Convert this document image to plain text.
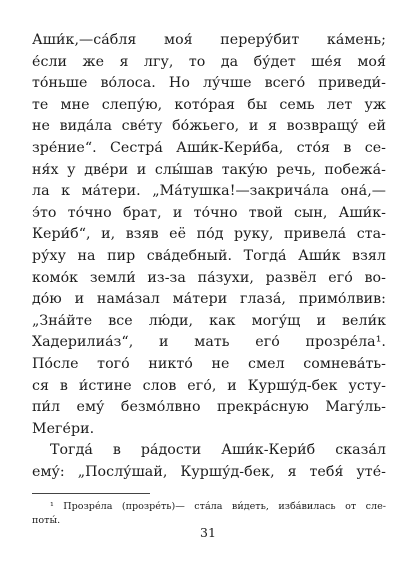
Аши́к,—са́бля моя́ переру́бит ка́мень;
е́сли же я лгу, то да бу́дет ше́я моя́
то́ньше во́лоса. Но лу́чше всего́ приведи́-
те мне слепу́ю, кото́рая бы семь лет уж
не вида́ла све́ту бо́жьего, и я возвращу́ ей
зре́ние“. Сестра́ Аши́к-Кери́ба, сто́я в се-
ня́х у две́ри и слы́шав таку́ю речь, побежа́-
ла к ма́тери. „Ма́тушка!—закрича́ла она́,—
э́то то́чно брат, и то́чно твой сын, Аши́к-
Кери́б“, и, взяв её по́д руку, привела́ ста-
ру́ху на пир сва́дебный. Тогда́ Аши́к взял
комо́к земли́ из-за па́зухи, развёл его́ во-
до́ю и нама́зал ма́тери глаза́, примо́лвив:
„Зна́йте все лю́ди, как могу́щ и вели́к
Хадерилиа́з“, и мать его́ прозре́ла¹.
По́сле того́ никто́ не смел сомнева́ть-
ся в и́стине слов его́, и Куршу́д-бек усту-
пи́л ему́ безмо́лвно прекра́сную Магу́ль-
Меге́ри.
Тогда́ в ра́дости Аши́к-Кери́б сказа́л
ему́: „Послу́шай, Куршу́д-бек, я тебя́ уте́-
¹ Прозре́ла (прозре́ть)— ста́ла ви́деть, изба́вилась от сле-
поты́.
31
